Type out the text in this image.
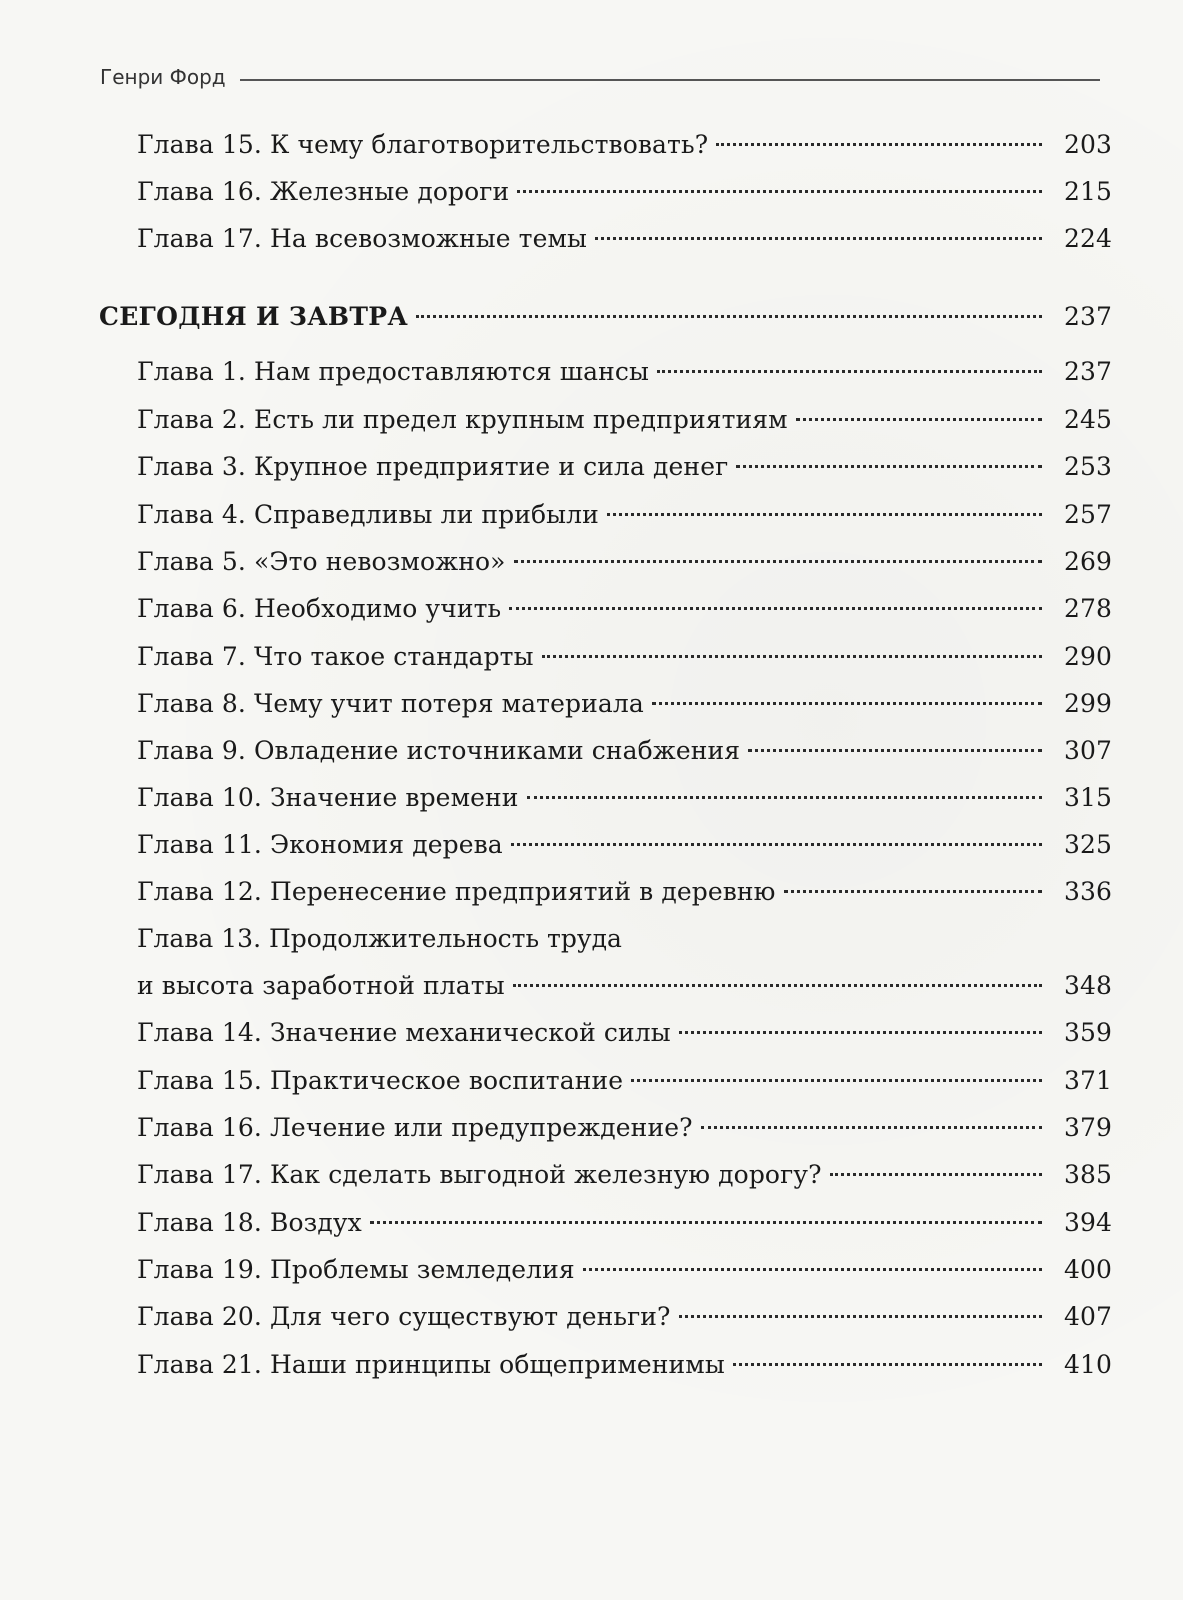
Генри Форд
Глава 15. К чему благотворительствовать?	203
Глава 16. Железные дороги	215
Глава 17. На всевозможные темы	224
СЕГОДНЯ И ЗАВТРА	237
Глава 1. Нам предоставляются шансы	237
Глава 2. Есть ли предел крупным предприятиям	245
Глава 3. Крупное предприятие и сила денег	253
Глава 4. Справедливы ли прибыли	257
Глава 5. «Это невозможно»	269
Глава 6. Необходимо учить	278
Глава 7. Что такое стандарты	290
Глава 8. Чему учит потеря материала	299
Глава 9. Овладение источниками снабжения	307
Глава 10. Значение времени	315
Глава 11. Экономия дерева	325
Глава 12. Перенесение предприятий в деревню	336
Глава 13. Продолжительность труда
и высота заработной платы	348
Глава 14. Значение механической силы	359
Глава 15. Практическое воспитание	371
Глава 16. Лечение или предупреждение?	379
Глава 17. Как сделать выгодной железную дорогу?	385
Глава 18. Воздух	394
Глава 19. Проблемы земледелия	400
Глава 20. Для чего существуют деньги?	407
Глава 21. Наши принципы общеприменимы	410
